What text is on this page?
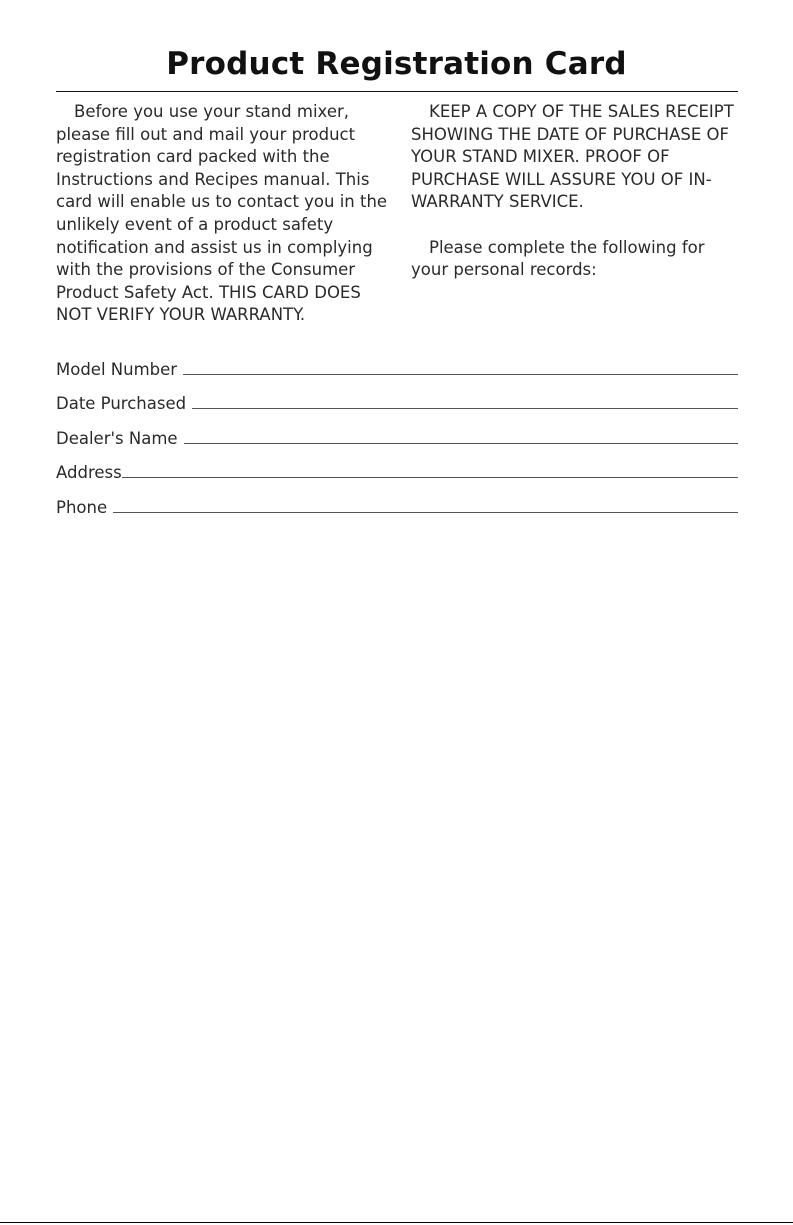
Product Registration Card

Before you use your stand mixer, please fill out and mail your product registration card packed with the Instructions and Recipes manual. This card will enable us to contact you in the unlikely event of a product safety notification and assist us in complying with the provisions of the Consumer Product Safety Act. THIS CARD DOES NOT VERIFY YOUR WARRANTY.

KEEP A COPY OF THE SALES RECEIPT SHOWING THE DATE OF PURCHASE OF YOUR STAND MIXER. PROOF OF PURCHASE WILL ASSURE YOU OF IN-WARRANTY SERVICE.

Please complete the following for your personal records:

Model Number
Date Purchased
Dealer's Name
Address
Phone
